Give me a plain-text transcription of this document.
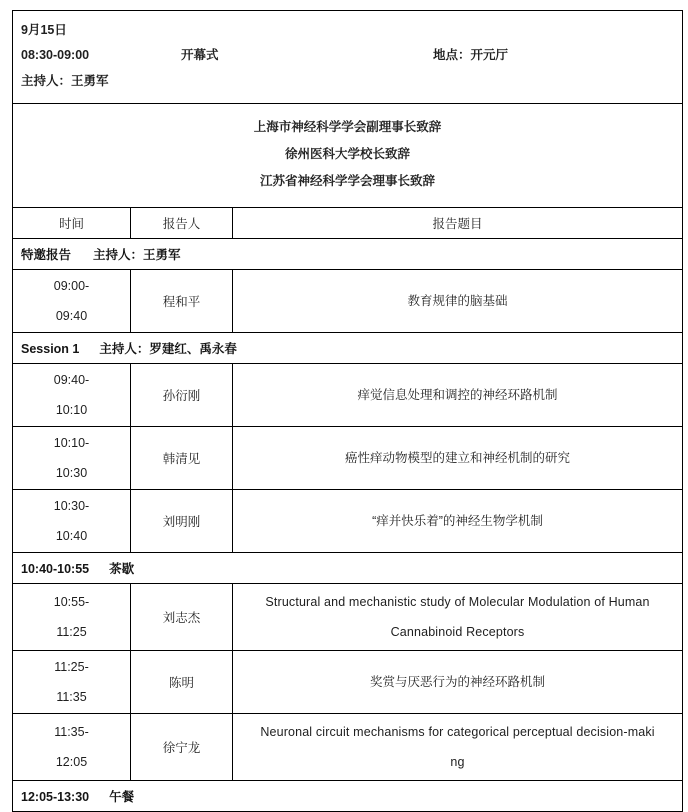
9月15日
08:30-09:00 开幕式 地点：开元厅
主持人：王勇军		

上海市神经科学学会副理事长致辞
徐州医科大学校长致辞
江苏省神经科学学会理事长致辞		

时间	报告人	报告题目
特邀报告 主持人：王勇军		

09:00-
09:40	程和平	教育规律的脑基础

Session 1 主持人：罗建红、禹永春		

09:40-
10:10	孙衍刚	痒觉信息处理和调控的神经环路机制

10:10-
10:30	韩清见	癌性痒动物模型的建立和神经机制的研究

10:30-
10:40	刘明刚	“痒并快乐着”的神经生物学机制

10:40-10:55 茶歇		

10:55-
11:25	刘志杰	Structural and mechanistic study of Molecular Modulation of Human
Cannabinoid Receptors

11:25-
11:35	陈明	奖赏与厌恶行为的神经环路机制

11:35-
12:05	徐宁龙	Neuronal circuit mechanisms for categorical perceptual decision-maki
ng

12:05-13:30 午餐		
